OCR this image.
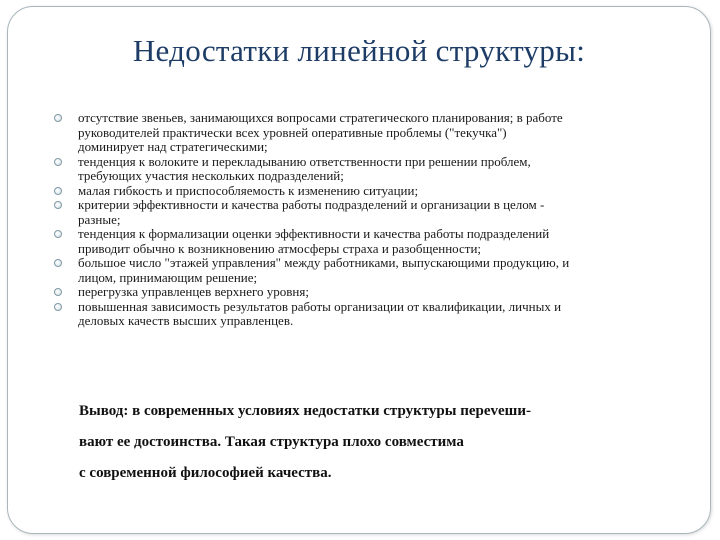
Недостатки линейной структуры:
отсутствие звеньев, занимающихся вопросами стратегического планирования; в работе
руководителей практически всех уровней оперативные проблемы ("текучка")
доминирует над стратегическими;
тенденция к волоките и перекладыванию ответственности при решении проблем,
требующих участия нескольких подразделений;
малая гибкость и приспособляемость к изменению ситуации;
критерии эффективности и качества работы подразделений и организации в целом -
разные;
тенденция к формализации оценки эффективности и качества работы подразделений
приводит обычно к возникновению атмосферы страха и разобщенности;
большое число "этажей управления" между работниками, выпускающими продукцию, и
лицом, принимающим решение;
перегрузка управленцев верхнего уровня;
повышенная зависимость результатов работы организации от квалификации, личных и
деловых качеств высших управленцев.
Вывод: в современных условиях недостатки структуры переveши-
вают ее достоинства. Такая структура плохо совместима
с современной философией качества.
